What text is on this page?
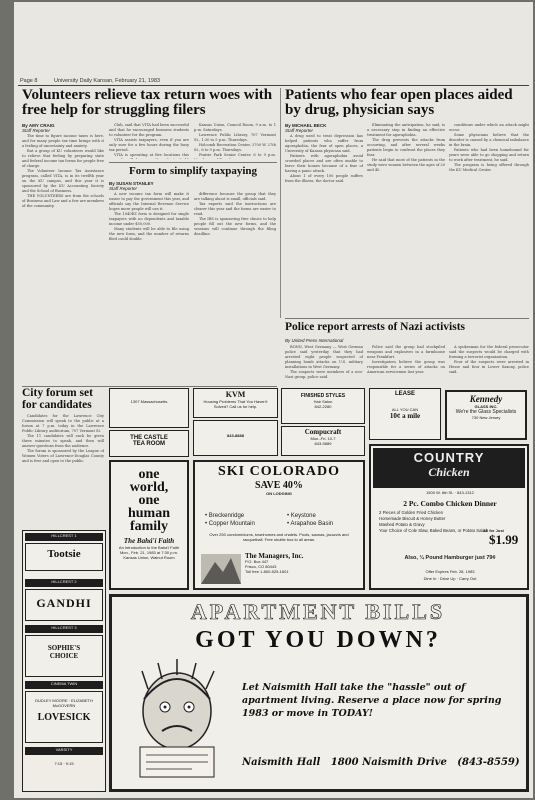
Page 8	University Daily Kansan, February 21, 1983
Volunteers relieve tax return woes with free help for struggling filers
By AMY CRAIG
Staff Reporter

The time to figure income taxes is here, and for many people tax time brings with it a feeling of uncertainty and anxiety.

But a group of KU volunteers would like to relieve that feeling by preparing state and federal income tax forms for people free of charge.

The Volunteer Income Tax Assistance program, called VITA, is in its twelfth year on the KU campus, and this year it is sponsored by the KU Accounting Society and the School of Business.

THE VOLUNTEERS are from the schools of Business and Law and a few are members of the community.

Club, said that VITA had been successful and that he encouraged business students to volunteer for the program.

VITA assists taxpayers, even if you are only sure for a few hours during the busy tax period.

VITA is operating at five locations this

Kansas Union, Council Room, 9 a.m. to 1 p.m. Saturdays.

Lawrence Public Library, 707 Vermont St., 1:30 to 5 p.m. Thursdays.

Holcomb Recreation Center, 2700 W. 27th St., 6 to 9 p.m. Thursdays.

Prairie Park Senior Center, 6 to 9 p.m.

Form to simplify taxpaying
By SUSAN STANLEY
Staff Reporter

A new income tax form will make it easier to pay the government this year, and officials say the Internal Revenue Service hopes more people will use it.

The 1040EZ form is designed for single taxpayers with no dependents and taxable income under $50,000.

Many students will be able to file using the new form, and the number of returns filed could double.

difference because the group that they are talking about is small, officials said.

Tax experts said the instructions are clearer this year and the forms are easier to read.

The IRS is sponsoring free clinics to help people fill out the new forms, and the sessions will continue through the filing deadline.

Patients who fear open places aided by drug, physician says
By MICHAEL BECK
Staff Reporter

A drug used to treat depression has helped patients who suffer from agoraphobia, the fear of open places, a University of Kansas physician said.

Patients with agoraphobia avoid crowded places and are often unable to leave their homes because of a fear of having a panic attack.

About 1 of every 100 people suffers from the illness, the doctor said.

Eliminating the anticipation, he said, is a necessary step in finding an effective treatment for agoraphobia.

The drug prevents the attacks from occurring, and after several weeks patients begin to confront the places they fear.

He said that most of the patients in the study were women between the ages of 20 and 40.

conditions under which an attack might occur.

Some physicians believe that the disorder is caused by a chemical imbalance in the brain.

Patients who had been homebound for years were able to go shopping and return to work after treatment, he said.

The program is being offered through the KU Medical Center.

Police report arrests of Nazi activists
By United Press International

BONN, West Germany — West German police said yesterday that they had arrested eight people suspected of planning bomb attacks on U.S. military installations in West Germany.

The suspects were members of a neo-Nazi group, police said.

Police said the group had stockpiled weapons and explosives in a farmhouse near Frankfurt.

Investigators believe the group was responsible for a series of attacks on American servicemen last year.

A spokesman for the federal prosecutor said the suspects would be charged with forming a terrorist organization.

Four of the suspects were arrested in Hesse and four in Lower Saxony, police said.

City forum set for candidates

Candidates for the Lawrence City Commission will speak to the public at a forum at 7 p.m. today in the Lawrence Public Library auditorium, 707 Vermont St.

The 11 candidates will each be given three minutes to speak, and then will answer questions from the audience.

The forum is sponsored by the League of Women Voters of Lawrence-Douglas County and is free and open to the public.

1307 Massachusetts
KVM
Housing Problems That You Haven't
Solved? Call us for help.
FINISHED STYLES
Hair Salon
842-2280
LEASE
ALL YOU CAN
10¢ a mile
Kennedy
GLASS INC.
We're the Glass Specialists
730 New Jersey
Compucraft
Mon.-Fri. 10-7
843-9889
843-8888
THE CASTLE
TEA ROOM
one
world,
one
human
family
The Bahá'í Faith
An Introduction to the Baha'i Faith
Mon., Feb. 21, 1983 at 7:30 p.m.
Kansas Union, Walnut Room
SKI COLORADO
SAVE 40%
ON LODGING
• Breckenridge
• Copper Mountain
• Keystone
• Arapahoe Basin
Over 250 condominiums, townhomes and chalets. Pools, saunas, jacuzzis and racquetball. Free shuttle bus to all areas.
The Managers, Inc.
P.O. Box 447
Frisco, CO 80443
Toll free 1-800-525-1601
COUNTRY
Chicken
1500 W. 6th St. · 843-1312
2 Pc. Combo Chicken Dinner
2 Pieces of Golden Fried Chicken
Homemade Biscuit & Honey Butter
Mashed Potato & Gravy
Your Choice of Cole Slaw, Baked Beans, or Potato Salad
All for Just
$1.99
Also, ¼ Pound Hamburger just 79¢
Offer Expires Feb. 28, 1983
Dine In · Drive Up · Carry Out
HILLCREST 1
Tootsie
HILLCREST 2
GANDHI
HILLCREST 3
SOPHIE'S
CHOICE
CINEMA TWIN
DUDLEY MOORE · ELIZABETH McGOVERN
LOVESICK
VARSITY
7:15 · 9:15
APARTMENT BILLS
GOT YOU DOWN?
Let Naismith Hall take the "hassle" out of apartment living. Reserve a place now for spring 1983 or move in TODAY!
Naismith Hall 1800 Naismith Drive (843-8559)
